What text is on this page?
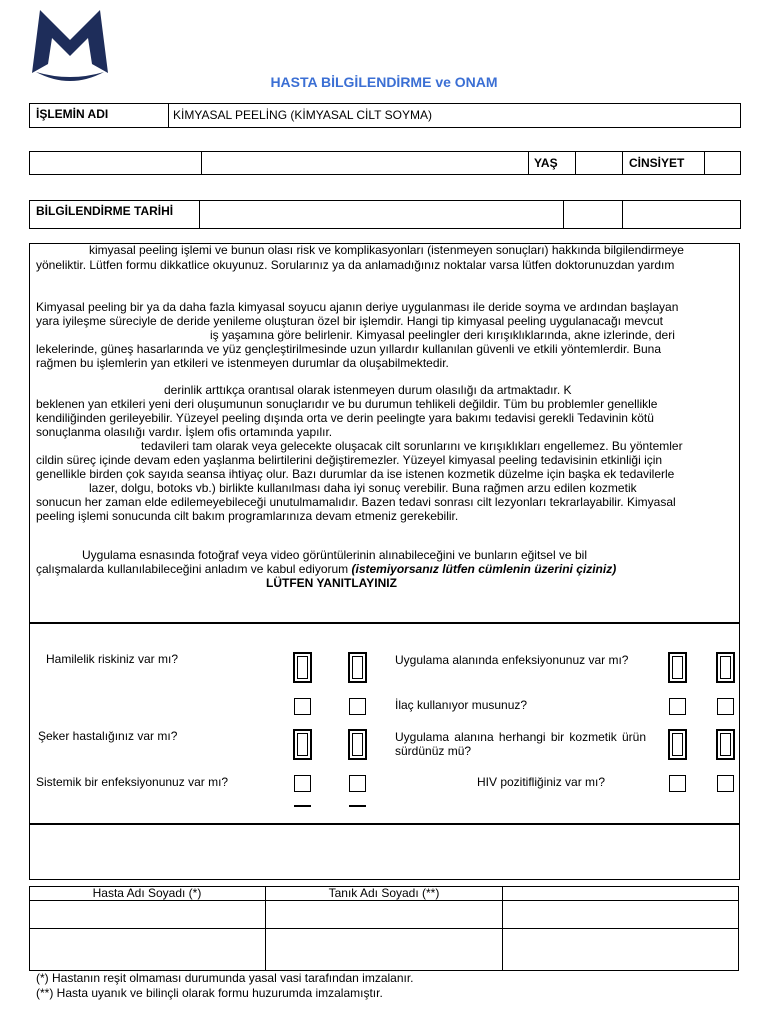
HASTA BİLGİLENDİRME ve ONAM
İŞLEMİN ADI	KİMYASAL PEELİNG (KİMYASAL CİLT SOYMA)
YAŞ	CİNSİYET
BİLGİLENDİRME TARİHİ
kimyasal peeling işlemi ve bunun olası risk ve komplikasyonları (istenmeyen sonuçları) hakkında bilgilendirmeye
yöneliktir. Lütfen formu dikkatlice okuyunuz. Sorularınız ya da anlamadığınız noktalar varsa lütfen doktorunuzdan yardım
Kimyasal peeling bir ya da daha fazla kimyasal soyucu ajanın deriye uygulanması ile deride soyma ve ardından başlayan
yara iyileşme süreciyle de deride yenileme oluşturan özel bir işlemdir. Hangi tip kimyasal peeling uygulanacağı mevcut
iş yaşamına göre belirlenir. Kimyasal peelingler deri kırışıklıklarında, akne izlerinde, deri
lekelerinde, güneş hasarlarında ve yüz gençleştirilmesinde uzun yıllardır kullanılan güvenli ve etkili yöntemlerdir. Buna
rağmen bu işlemlerin yan etkileri ve istenmeyen durumlar da oluşabilmektedir.
derinlik arttıkça orantısal olarak istenmeyen durum olasılığı da artmaktadır. K
beklenen yan etkileri yeni deri oluşumunun sonuçlarıdır ve bu durumun tehlikeli değildir. Tüm bu problemler genellikle
kendiliğinden gerileyebilir. Yüzeyel peeling dışında orta ve derin peelingte yara bakımı tedavisi gerekli Tedavinin kötü
sonuçlanma olasılığı vardır. İşlem ofis ortamında yapılır.
tedavileri tam olarak veya gelecekte oluşacak cilt sorunlarını ve kırışıklıkları engellemez. Bu yöntemler
cildin süreç içinde devam eden yaşlanma belirtilerini değiştiremezler. Yüzeyel kimyasal peeling tedavisinin etkinliği için
genellikle birden çok sayıda seansa ihtiyaç olur. Bazı durumlar da ise istenen kozmetik düzelme için başka ek tedavilerle
lazer, dolgu, botoks vb.) birlikte kullanılması daha iyi sonuç verebilir. Buna rağmen arzu edilen kozmetik
sonucun her zaman elde edilemeyebileceği unutulmamalıdır. Bazen tedavi sonrası cilt lezyonları tekrarlayabilir. Kimyasal
peeling işlemi sonucunda cilt bakım programlarınıza devam etmeniz gerekebilir.
Uygulama esnasında fotoğraf veya video görüntülerinin alınabileceğini ve bunların eğitsel ve bil
çalışmalarda kullanılabileceğini anladım ve kabul ediyorum (istemiyorsanız lütfen cümlenin üzerini çiziniz)
LÜTFEN YANITLAYINIZ
Hamilelik riskiniz var mı?
Şeker hastalığınız var mı?
Sistemik bir enfeksiyonunuz var mı?
Uygulama alanında enfeksiyonunuz var mı?
İlaç kullanıyor musunuz?
Uygulama alanına herhangi bir kozmetik ürün sürdünüz mü?
HIV pozitifliğiniz var mı?
Hasta Adı Soyadı (*)	Tanık Adı Soyadı (**)
(*) Hastanın reşit olmaması durumunda yasal vasi tarafından imzalanır.
(**) Hasta uyanık ve bilinçli olarak formu huzurumda imzalamıştır.
